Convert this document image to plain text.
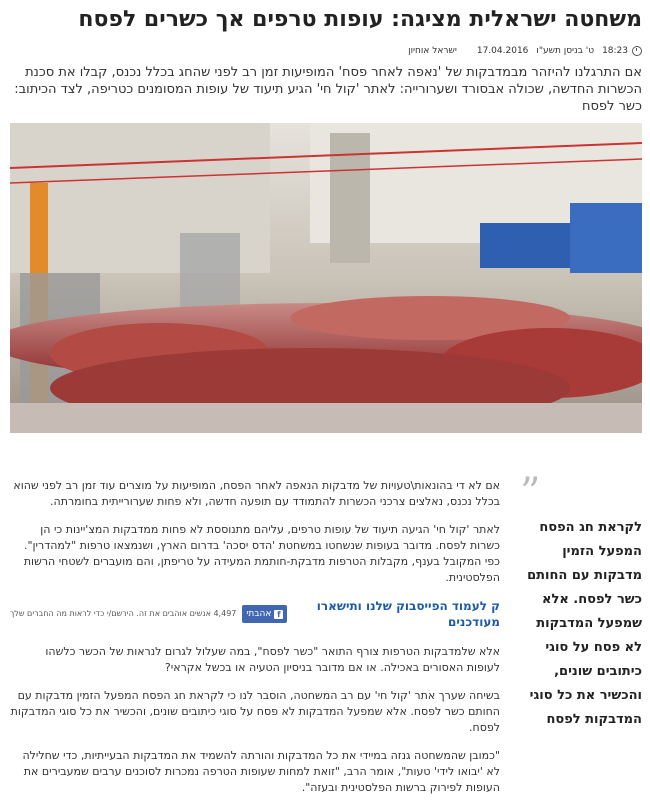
משחטה ישראלית מציגה: עופות טרפים אך כשרים לפסח
18:23
ט' בניסן תשע"ו
17.04.2016
ישראל אוחיון
אם התרגלנו להיזהר מבמדבקות של 'נאפה לאחר פסח' המופיעות זמן רב לפני שהחג בכלל נכנס, קבלו את סכנת הכשרות החדשה, שכולה אבסורד ושערורייה: לאתר 'קול חי' הגיע תיעוד של עופות המסומנים כטריפה, לצד הכיתוב: כשר לפסח

אם לא די בהונאות\טעויות של מדבקות הנאפה לאחר הפסח, המופיעות על מוצרים עוד זמן רב לפני שהוא בכלל נכנס, נאלצים צרכני הכשרות להתמודד עם תופעה חדשה, ולא פחות שערורייתית בחומרתה.

לאתר 'קול חי' הגיעה תיעוד של עופות טרפים, עליהם מתנוססת לא פחות ממדבקות המצ'יינות כי הן כשרות לפסח. מדובר בעופות שנשחטו במשחטת 'הדס יסכה' בדרום הארץ, ושנמצאו טרפות "למהדרין". כפי המקובל בענף, מקבלות הטרפות מדבקת-חותמת המעידה על טריפתן, והם מועברים לשטחי הרשות הפלסטינית.

ק לעמוד הפייסבוק שלנו ותישארו מעודכנים
f
אהבתי
4,497 אנשים אוהבים את זה. הירשם/י כדי לראות מה החברים שלך

אלא שלמדבקות הטרפות צורף התואר "כשר לפסח", במה שעלול לגרום לנראות של הכשר כלשהו לעופות האסורים באכילה. או אם מדובר בניסיון הטעיה או בכשל אקראי?

בשיחה שערך אתר 'קול חי' עם רב המשחטה, הוסבר לנו כי לקראת חג הפסח המפעל הזמין מדבקות עם החותם כשר לפסח. אלא שמפעל המדבקות לא פסח על סוגי כיתובים שונים, והכשיר את כל סוגי המדבקות לפסח.

"כמובן שהמשחטה גנזה במיידי את כל המדבקות והורתה להשמיד את המדבקות הבעייתיות, כדי שחלילה לא 'יבואו לידי' טעות", אומר הרב, "זואת למחות שעופות הטרפה נמכרות לסוכנים ערבים שמעבירים את העופות לפירוק ברשות הפלסטינית ובעזה".

”
לקראת חג הפסח המפעל הזמין מדבקות עם החותם כשר לפסח. אלא שמפעל המדבקות לא פסח על סוגי כיתובים שונים, והכשיר את כל סוגי המדבקות לפסח
